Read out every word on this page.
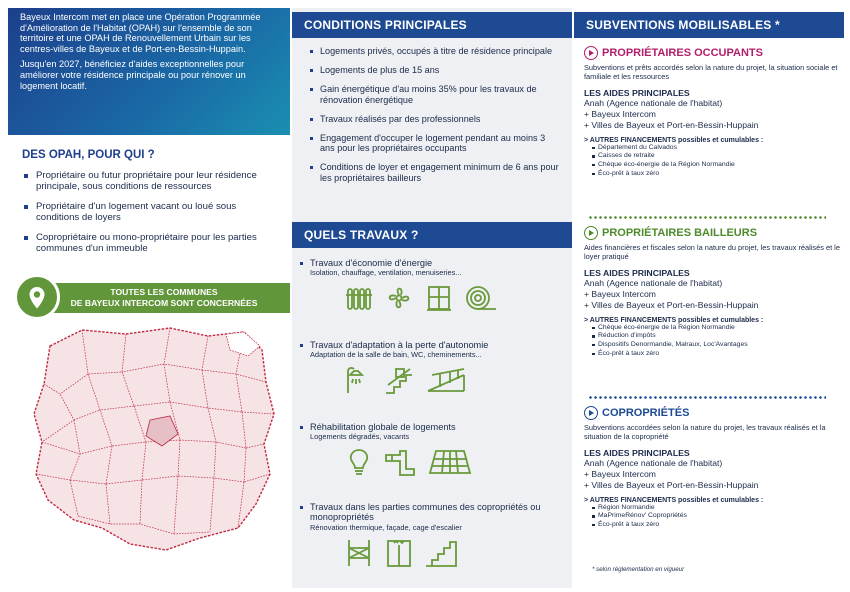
Bayeux Intercom met en place une Opération Programmée d'Amélioration de l'Habitat (OPAH) sur l'ensemble de son territoire et une OPAH de Renouvellement Urbain sur les centres-villes de Bayeux et de Port-en-Bessin-Huppain.

Jusqu'en 2027, bénéficiez d'aides exceptionnelles pour améliorer votre résidence principale ou pour rénover un logement locatif.

DES OPAH, POUR QUI ?
Propriétaire ou futur propriétaire pour leur résidence principale, sous conditions de ressources
Propriétaire d'un logement vacant ou loué sous conditions de loyers
Copropriétaire ou mono-propriétaire pour les parties communes d'un immeuble
TOUTES LES COMMUNES
DE BAYEUX INTERCOM SONT CONCERNÉES
CONDITIONS PRINCIPALES
Logements privés, occupés à titre de résidence principale
Logements de plus de 15 ans
Gain énergétique d'au moins 35% pour les travaux de rénovation énergétique
Travaux réalisés par des professionnels
Engagement d'occuper le logement pendant au moins 3 ans pour les propriétaires occupants
Conditions de loyer et engagement minimum de 6 ans pour les propriétaires bailleurs
QUELS TRAVAUX ?
Travaux d'économie d'énergie
Isolation, chauffage, ventilation, menuiseries...
Travaux d'adaptation à la perte d'autonomie
Adaptation de la salle de bain, WC, cheminements...
Réhabilitation globale de logements
Logements dégradés, vacants
Travaux dans les parties communes des copropriétés ou monopropriétés
Rénovation thermique, façade, cage d'escalier
SUBVENTIONS MOBILISABLES *
PROPRIÉTAIRES OCCUPANTS
Subventions et prêts accordés selon la nature du projet, la situation sociale et familiale et les ressources
LES AIDES PRINCIPALES
Anah (Agence nationale de l'habitat)
+ Bayeux Intercom
+ Villes de Bayeux et Port-en-Bessin-Huppain
> AUTRES FINANCEMENTS possibles et cumulables :
Département du Calvados
Caisses de retraite
Chèque éco-énergie de la Région Normandie
Éco-prêt à taux zéro
PROPRIÉTAIRES BAILLEURS
Aides financières et fiscales selon la nature du projet, les travaux réalisés et le loyer pratiqué
LES AIDES PRINCIPALES
Anah (Agence nationale de l'habitat)
+ Bayeux Intercom
+ Villes de Bayeux et Port-en-Bessin-Huppain
> AUTRES FINANCEMENTS possibles et cumulables :
Chèque éco-énergie de la Région Normandie
Réduction d'impôts
Dispositifs Denormandie, Malraux, Loc'Avantages
Éco-prêt à taux zéro
COPROPRIÉTÉS
Subventions accordées selon la nature du projet, les travaux réalisés et la situation de la copropriété
LES AIDES PRINCIPALES
Anah (Agence nationale de l'habitat)
+ Bayeux Intercom
+ Villes de Bayeux et Port-en-Bessin-Huppain
> AUTRES FINANCEMENTS possibles et cumulables :
Région Normandie
MaPrimeRénov' Copropriétés
Éco-prêt à taux zéro
* selon réglementation en vigueur
